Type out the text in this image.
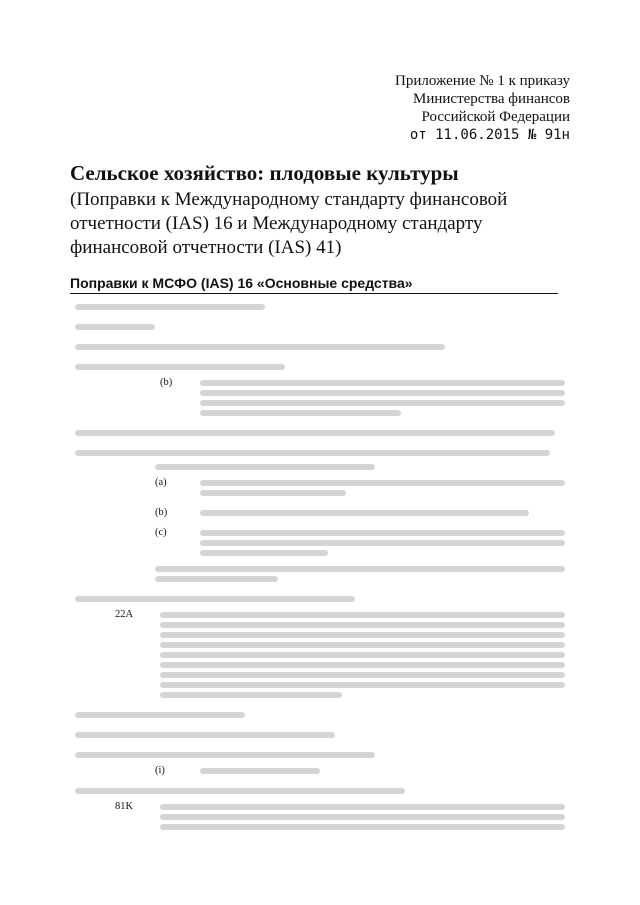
Приложение № 1 к приказу
Министерства финансов
Российской Федерации
от 11.06.2015 № 91н
Сельское хозяйство: плодовые культуры
(Поправки к Международному стандарту финансовой отчетности (IAS) 16 и Международному стандарту финансовой отчетности (IAS) 41)
Поправки к МСФО (IAS) 16 «Основные средства»
(b)
(a)
(b)
(c)
22A
(i)
81K
